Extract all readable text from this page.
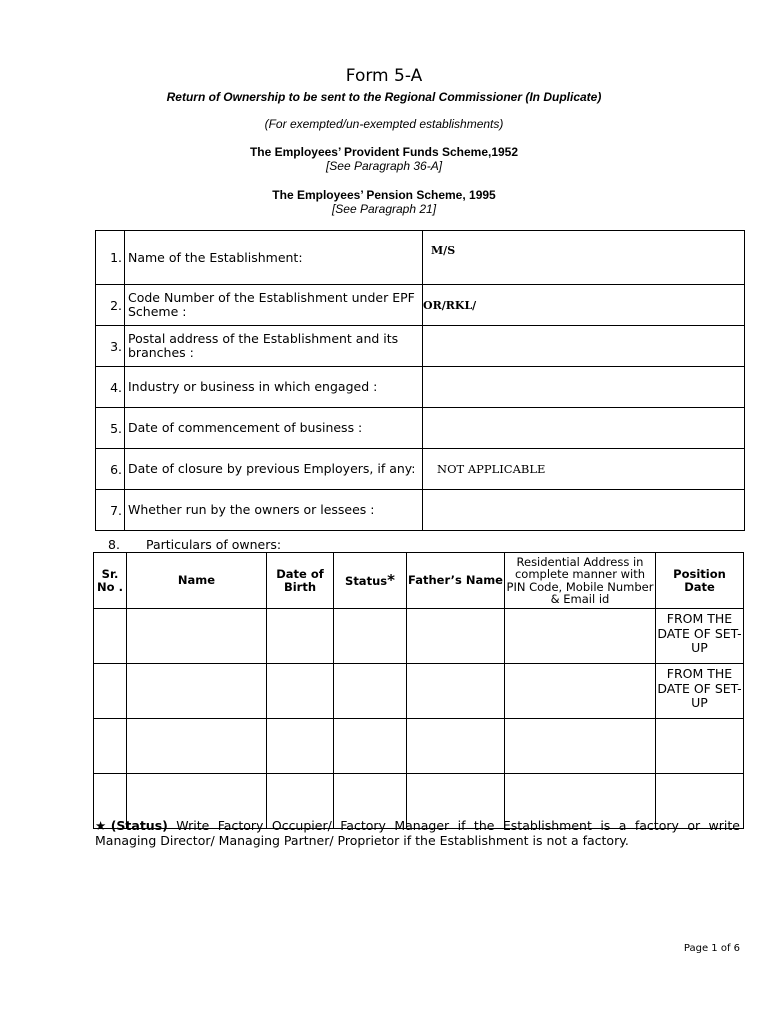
Form 5-A
Return of Ownership to be sent to the Regional Commissioner (In Duplicate)
(For exempted/un-exempted establishments)
The Employees’ Provident Funds Scheme,1952
[See Paragraph 36-A]
The Employees’ Pension Scheme, 1995
[See Paragraph 21]
1.	Name of the Establishment:	M/S
2.	Code Number of the Establishment under EPF Scheme :	OR/RKL/
3.	Postal address of the Establishment and its branches :	
4.	Industry or business in which engaged :	
5.	Date of commencement of business :	
6.	Date of closure by previous Employers, if any:	NOT APPLICABLE
7.	Whether run by the owners or lessees :	
8. Particulars of owners:
Sr. No .	Name	Date of Birth	Status*	Father’s Name	Residential Address in complete manner with PIN Code, Mobile Number & Email id	Position Date
						FROM THE DATE OF SET-UP
						FROM THE DATE OF SET-UP

★(Status) Write Factory Occupier/ Factory Manager if the Establishment is a factory or write Managing Director/ Managing Partner/ Proprietor if the Establishment is not a factory.
Page 1 of 6
